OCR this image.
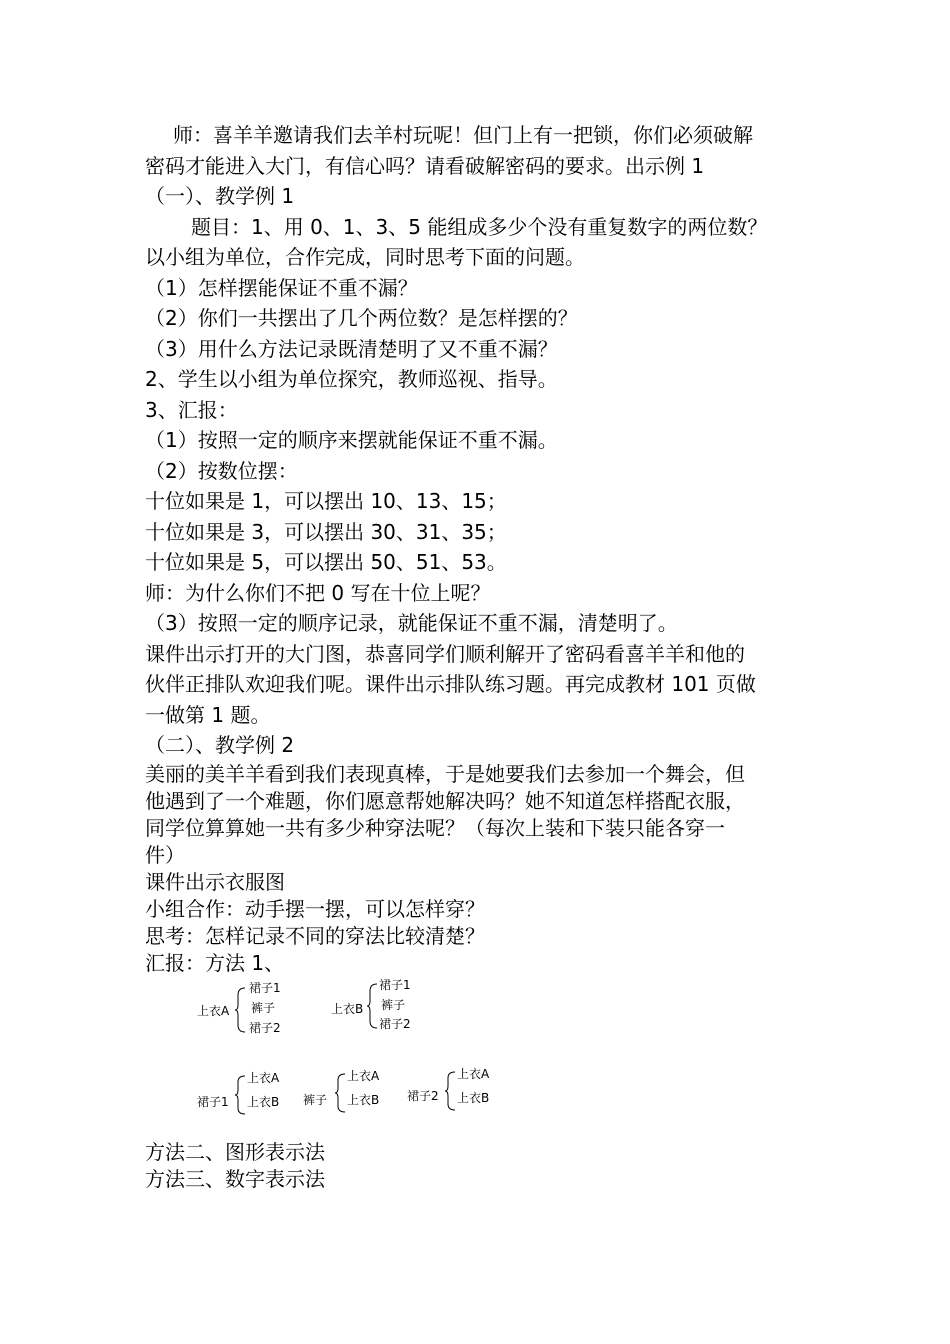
师：喜羊羊邀请我们去羊村玩呢！但门上有一把锁，你们必须破解

密码才能进入大门，有信心吗？请看破解密码的要求。出示例 1

（一）、教学例 1

题目：1、用 0、1、3、5 能组成多少个没有重复数字的两位数？

以小组为单位，合作完成，同时思考下面的问题。

（1）怎样摆能保证不重不漏？

（2）你们一共摆出了几个两位数？是怎样摆的？

（3）用什么方法记录既清楚明了又不重不漏？

2、学生以小组为单位探究，教师巡视、指导。

3、汇报：

（1）按照一定的顺序来摆就能保证不重不漏。

（2）按数位摆：

十位如果是 1，可以摆出 10、13、15；

十位如果是 3，可以摆出 30、31、35；

十位如果是 5，可以摆出 50、51、53。

师：为什么你们不把 0 写在十位上呢？

（3）按照一定的顺序记录，就能保证不重不漏，清楚明了。

课件出示打开的大门图，恭喜同学们顺利解开了密码看喜羊羊和他的

伙伴正排队欢迎我们呢。课件出示排队练习题。再完成教材 101 页做

一做第 1 题。

（二）、教学例 2

美丽的美羊羊看到我们表现真棒，于是她要我们去参加一个舞会，但

他遇到了一个难题，你们愿意帮她解决吗？她不知道怎样搭配衣服，

同学位算算她一共有多少种穿法呢？（每次上装和下装只能各穿一

件）

课件出示衣服图

小组合作：动手摆一摆，可以怎样穿？

思考：怎样记录不同的穿法比较清楚？

汇报：方法 1、

上衣A
裙子1
裤子
裙子2
上衣B
裙子1
裤子
裙子2
裙子1
上衣A
上衣B 裤子
上衣A
上衣B 裙子2
上衣A
上衣B

方法二、图形表示法

方法三、数字表示法
